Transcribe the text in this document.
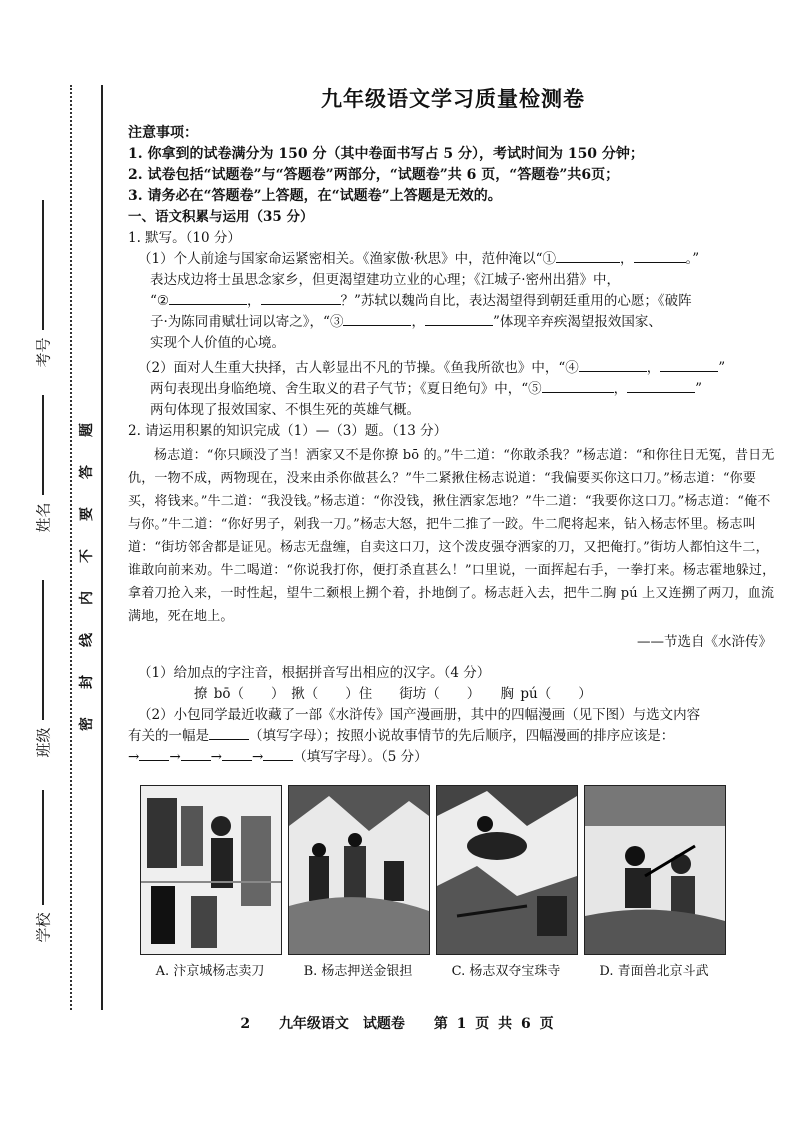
考号
姓名
班级
学校
题
答
要
不
内
线
封
密
九年级语文学习质量检测卷
注意事项：
1. 你拿到的试卷满分为 150 分（其中卷面书写占 5 分），考试时间为 150 分钟；
2. 试卷包括“试题卷”与“答题卷”两部分，“试题卷”共 6 页，“答题卷”共6页；
3. 请务必在“答题卷”上答题，在“试题卷”上答题是无效的。
一、语文积累与运用（35 分）
1. 默写。（10 分）
（1）个人前途与国家命运紧密相关。《渔家傲·秋思》中，范仲淹以“①	，	。”
表达戍边将士虽思念家乡，但更渴望建功立业的心理；《江城子·密州出猎》中，
“②	，	？”苏轼以魏尚自比，表达渴望得到朝廷重用的心愿；《破阵
子·为陈同甫赋壮词以寄之》，“③	，	”体现辛弃疾渴望报效国家、
实现个人价值的心境。
（2）面对人生重大抉择，古人彰显出不凡的节操。《鱼我所欲也》中，“④	，	”
两句表现出身临绝境、舍生取义的君子气节；《夏日绝句》中，“⑤	，	”
两句体现了报效国家、不惧生死的英雄气概。
2. 请运用积累的知识完成（1）—（3）题。（13 分）
杨志道：“你只顾没了当！洒家又不是你撩 bō 的。”牛二道：“你敢杀我？”杨志道：“和你往日无冤，昔日无仇，一物不成，两物现在，没来由杀你做甚么？”牛二紧揪住杨志说道：“我偏要买你这口刀。”杨志道：“你要买，将钱来。”牛二道：“我没钱。”杨志道：“你没钱，揪住洒家怎地？”牛二道：“我要你这口刀。”杨志道：“俺不与你。”牛二道：“你好男子，剁我一刀。”杨志大怒，把牛二推了一跤。牛二爬将起来，钻入杨志怀里。杨志叫道：“街坊邻舍都是证见。杨志无盘缠，自卖这口刀，这个泼皮强夺洒家的刀，又把俺打。”街坊人都怕这牛二，谁敢向前来劝。牛二喝道：“你说我打你，便打杀直甚么！”口里说，一面挥起右手，一拳打来。杨志霍地躲过，拿着刀抢入来，一时性起，望牛二颡根上搠个着，扑地倒了。杨志赶入去，把牛二胸 pú 上又连搠了两刀，血流满地，死在地上。
——节选自《水浒传》
（1）给加点的字注音，根据拼音写出相应的汉字。（4 分）
撩 bō（　　）　揪（　　）住　　街坊（　　）　　胸 pú（　　）
（2）小包同学最近收藏了一部《水浒传》国产漫画册，其中的四幅漫画（见下图）与选文内容
有关的一幅是	（填写字母）；按照小说故事情节的先后顺序，四幅漫画的排序应该是：
→ → → → （填写字母）。（5 分）
A. 汴京城杨志卖刀	B. 杨志押送金银担	C. 杨志双夺宝珠寺	D. 青面兽北京斗武
2 九年级语文　试题卷 第 1 页 共 6 页
